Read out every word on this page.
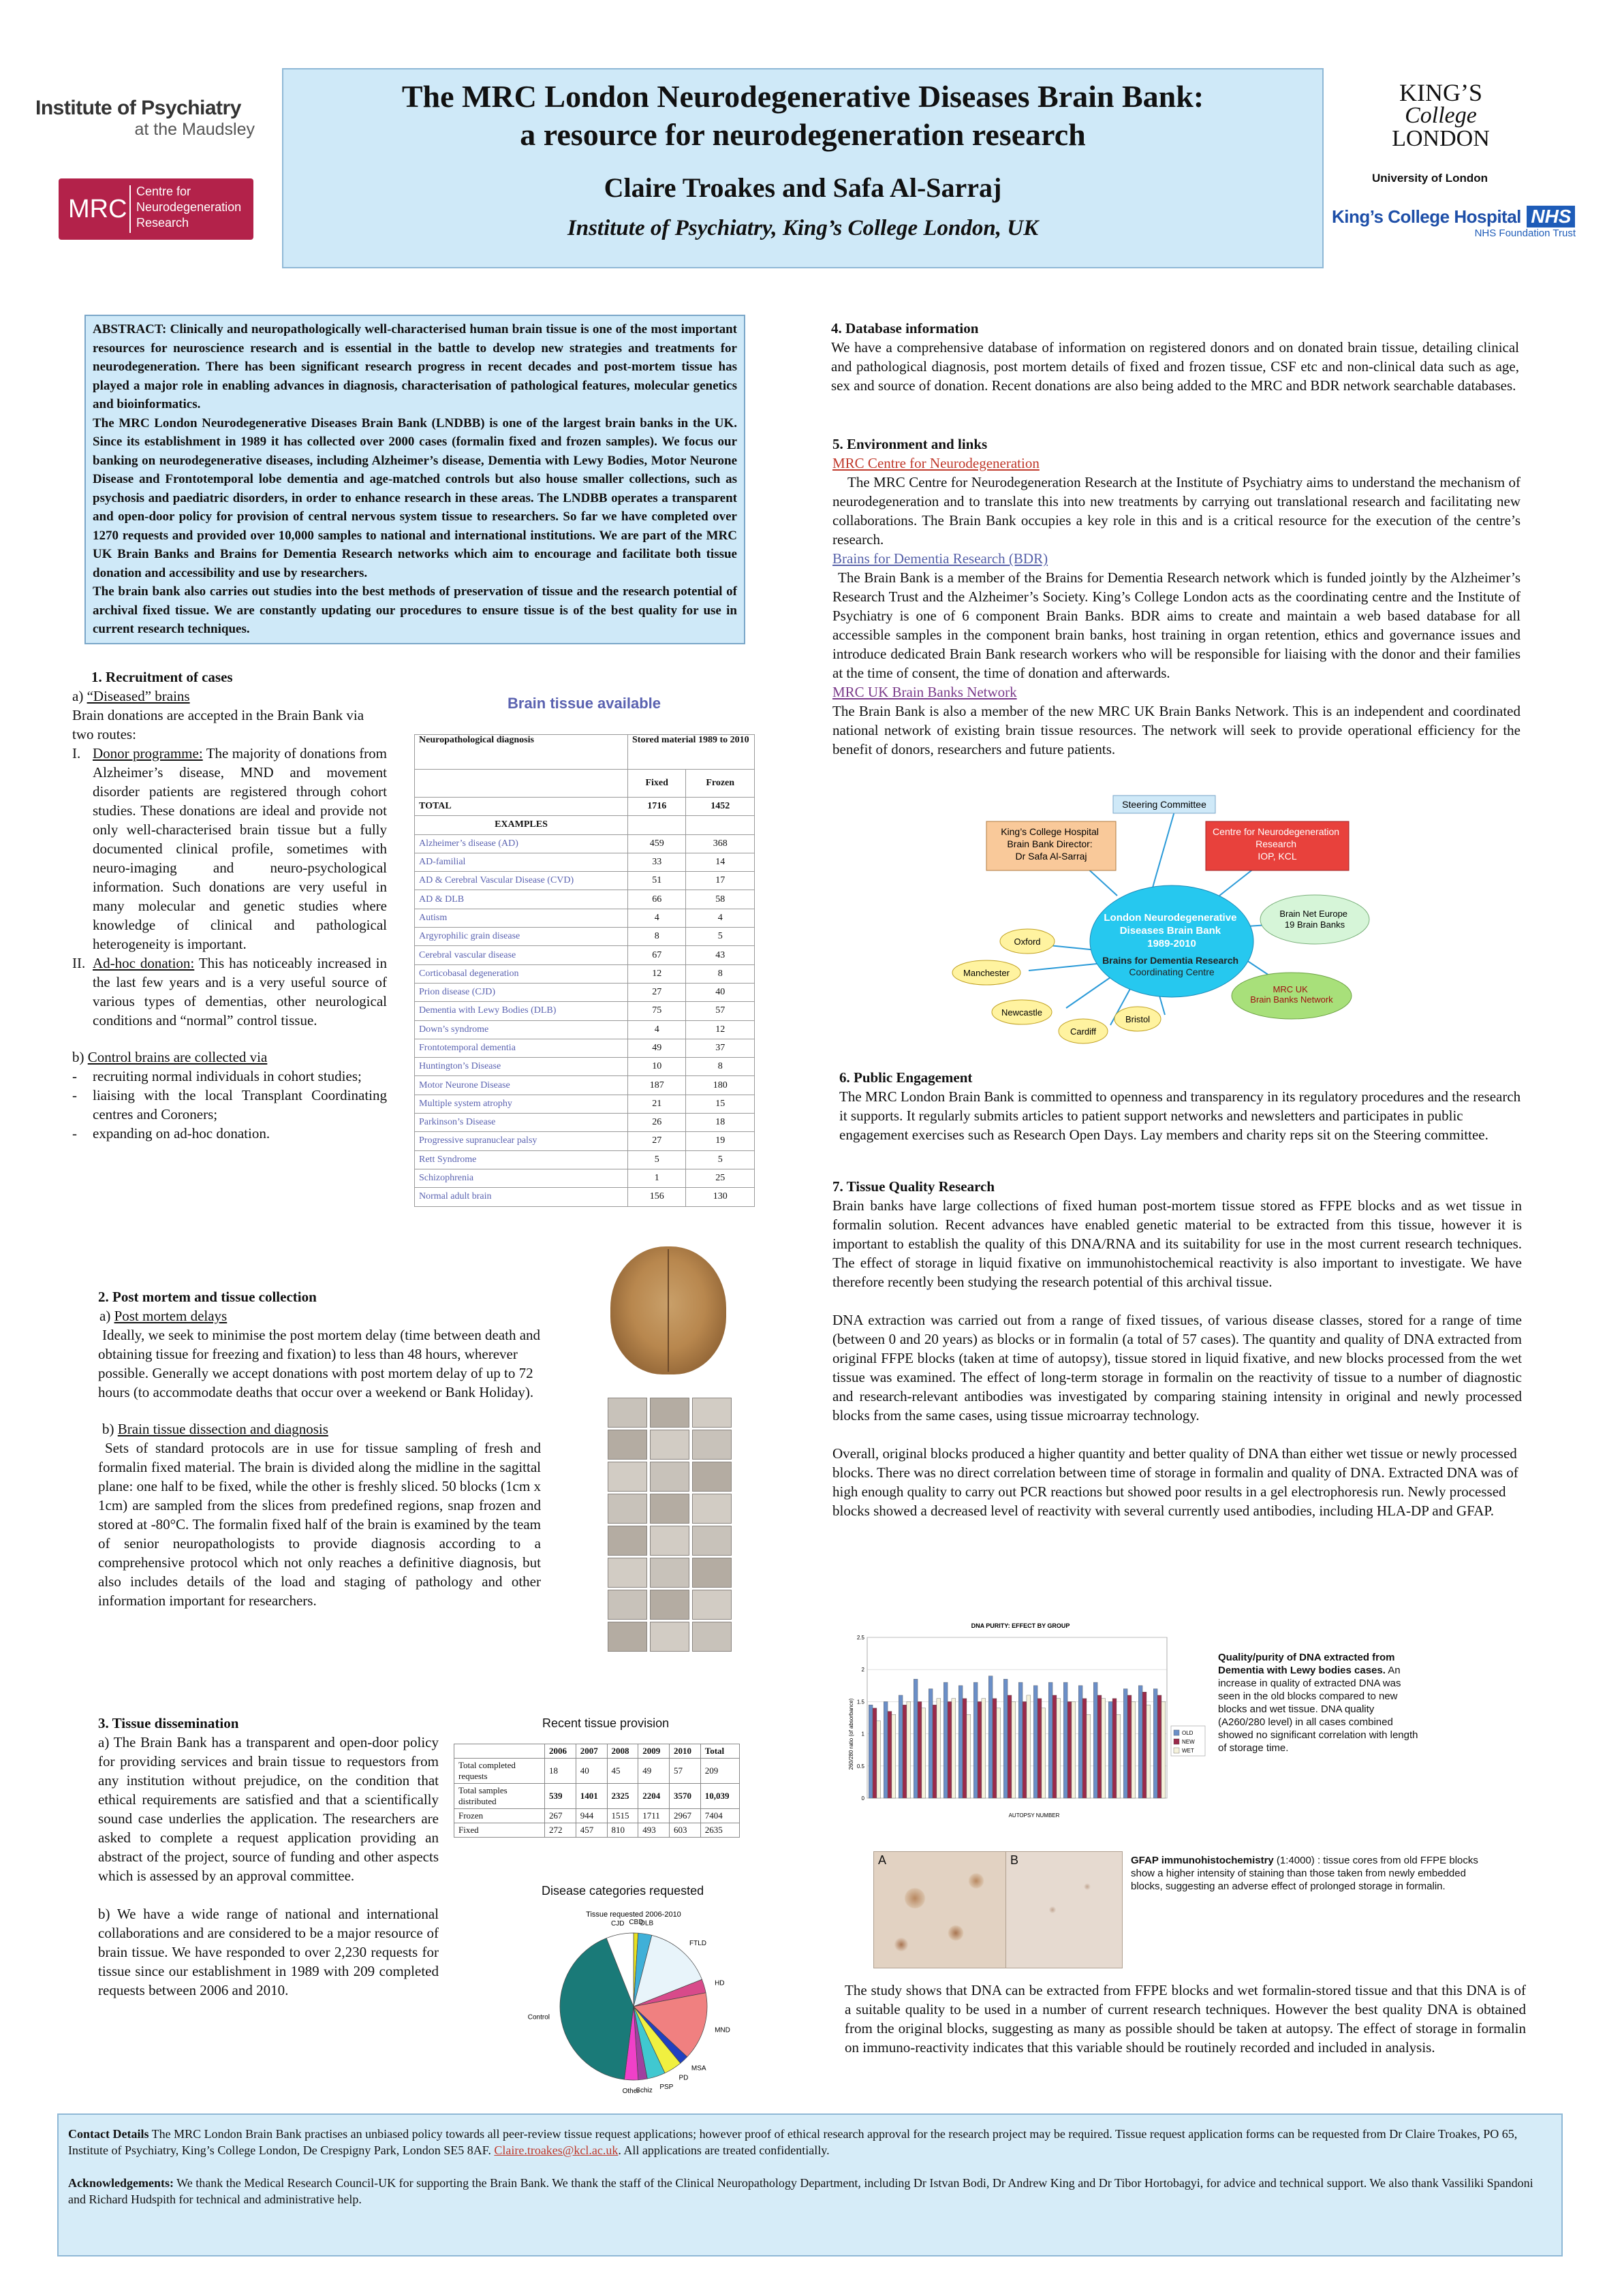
Institute of Psychiatry
at the Maudsley
MRC
Centre for
Neurodegeneration
Research
The MRC London Neurodegenerative Diseases Brain Bank:
a resource for neurodegeneration research
Claire Troakes and Safa Al-Sarraj
Institute of Psychiatry, King’s College London, UK
KING’S
College
LONDON
University of London
King’s College Hospital NHS
NHS Foundation Trust

ABSTRACT: Clinically and neuropathologically well-characterised human brain tissue is one of the most important resources for neuroscience research and is essential in the battle to develop new strategies and treatments for neurodegeneration. There has been significant research progress in recent decades and post-mortem tissue has played a major role in enabling advances in diagnosis, characterisation of pathological features, molecular genetics and bioinformatics.

The MRC London Neurodegenerative Diseases Brain Bank (LNDBB) is one of the largest brain banks in the UK. Since its establishment in 1989 it has collected over 2000 cases (formalin fixed and frozen samples). We focus our banking on neurodegenerative diseases, including Alzheimer’s disease, Dementia with Lewy Bodies, Motor Neurone Disease and Frontotemporal lobe dementia and age-matched controls but also house smaller collections, such as psychosis and paediatric disorders, in order to enhance research in these areas. The LNDBB operates a transparent and open-door policy for provision of central nervous system tissue to researchers. So far we have completed over 1270 requests and provided over 10,000 samples to national and international institutions. We are part of the MRC UK Brain Banks and Brains for Dementia Research networks which aim to encourage and facilitate both tissue donation and accessibility and use by researchers.

The brain bank also carries out studies into the best methods of preservation of tissue and the research potential of archival fixed tissue. We are constantly updating our procedures to ensure tissue is of the best quality for use in current research techniques.

1. Recruitment of cases
a) “Diseased” brains

Brain donations are accepted in the Brain Bank via two routes:

I. Donor programme: The majority of donations from Alzheimer’s disease, MND and movement disorder patients are registered through cohort studies. These donations are ideal and provide not only well-characterised brain tissue but a fully documented clinical profile, sometimes with neuro-imaging and neuro-psychological information. Such donations are very useful in many molecular and genetic studies where knowledge of clinical and pathological heterogeneity is important.

II. Ad-hoc donation: This has noticeably increased in the last few years and is a very useful source of various types of dementias, other neurological conditions and “normal” control tissue.

b) Control brains are collected via
-	recruiting normal individuals in cohort studies;

-	liaising with the local Transplant Coordinating centres and Coroners;

-	expanding on ad-hoc donation.

Brain tissue available
Neuropathological diagnosis	Stored material 1989 to 2010	
	Fixed	Frozen
TOTAL	1716	1452
EXAMPLES		
Alzheimer’s disease (AD)	459	368
AD-familial	33	14
AD & Cerebral Vascular Disease (CVD)	51	17
AD & DLB	66	58
Autism	4	4
Argyrophilic grain disease	8	5
Cerebral vascular disease	67	43
Corticobasal degeneration	12	8
Prion disease (CJD)	27	40
Dementia with Lewy Bodies (DLB)	75	57
Down’s syndrome	4	12
Frontotemporal dementia	49	37
Huntington’s Disease	10	8
Motor Neurone Disease	187	180
Multiple system atrophy	21	15
Parkinson’s Disease	26	18
Progressive supranuclear palsy	27	19
Rett Syndrome	5	5
Schizophrenia	1	25
Normal adult brain	156	130
2. Post mortem and tissue collection
a) Post mortem delays

Ideally, we seek to minimise the post mortem delay (time between death and obtaining tissue for freezing and fixation) to less than 48 hours, wherever possible. Generally we accept donations with post mortem delay of up to 72 hours (to accommodate deaths that occur over a weekend or Bank Holiday).

b) Brain tissue dissection and diagnosis

Sets of standard protocols are in use for tissue sampling of fresh and formalin fixed material. The brain is divided along the midline in the sagittal plane: one half to be fixed, while the other is freshly sliced. 50 blocks (1cm x 1cm) are sampled from the slices from predefined regions, snap frozen and stored at -80°C. The formalin fixed half of the brain is examined by the team of senior neuropathologists to provide diagnosis according to a comprehensive protocol which not only reaches a definitive diagnosis, but also includes details of the load and staging of pathology and other information important for researchers.

3. Tissue dissemination

a) The Brain Bank has a transparent and open-door policy for providing services and brain tissue to requestors from any institution without prejudice, on the condition that ethical requirements are satisfied and that a scientifically sound case underlies the application. The researchers are asked to complete a request application providing an abstract of the project, source of funding and other aspects which is assessed by an approval committee.

b) We have a wide range of national and international collaborations and are considered to be a major resource of brain tissue. We have responded to over 2,230 requests for tissue since our establishment in 1989 with 209 completed requests between 2006 and 2010.

Recent tissue provision
	2006	2007	2008	2009	2010	Total
Total completed requests	18	40	45	49	57	209
Total samples distributed	539	1401	2325	2204	3570	10,039
Frozen	267	944	1515	1711	2967	7404
Fixed	272	457	810	493	603	2635
Disease categories requested
Tissue requested 2006-2010
CBD
DLB
FTLD
HD
MND
MSA
PD
PSP
Schiz
Other
Control
CJD
4. Database information

We have a comprehensive database of information on registered donors and on donated brain tissue, detailing clinical and pathological diagnosis, post mortem details of fixed and frozen tissue, CSF etc and non-clinical data such as age, sex and source of donation. Recent donations are also being added to the MRC and BDR network searchable databases.

5. Environment and links
MRC Centre for Neurodegeneration

The MRC Centre for Neurodegeneration Research at the Institute of Psychiatry aims to understand the mechanism of neurodegeneration and to translate this into new treatments by carrying out translational research and facilitating new collaborations. The Brain Bank occupies a key role in this and is a critical resource for the execution of the centre’s research.

Brains for Dementia Research (BDR)

The Brain Bank is a member of the Brains for Dementia Research network which is funded jointly by the Alzheimer’s Research Trust and the Alzheimer’s Society. King’s College London acts as the coordinating centre and the Institute of Psychiatry is one of 6 component Brain Banks. BDR aims to create and maintain a web based database for all accessible samples in the component brain banks, host training in organ retention, ethics and governance issues and introduce dedicated Brain Bank research workers who will be responsible for liaising with the donor and their families at the time of consent, the time of donation and afterwards.

MRC UK Brain Banks Network

The Brain Bank is also a member of the new MRC UK Brain Banks Network. This is an independent and coordinated national network of existing brain tissue resources. The network will seek to provide operational efficiency for the benefit of donors, researchers and future patients.

Steering Committee
King’s College Hospital Brain Bank Director: Dr Safa Al-Sarraj
Centre for Neurodegeneration Research IOP, KCL
London Neurodegenerative Diseases Brain Bank 1989-2010
Brains for Dementia Research Coordinating Centre
Brain Net Europe 19 Brain Banks
MRC UK Brain Banks Network
Oxford
Manchester
Newcastle
Cardiff
Bristol
6. Public Engagement

The MRC London Brain Bank is committed to openness and transparency in its regulatory procedures and the research it supports. It regularly submits articles to patient support networks and newsletters and participates in public engagement exercises such as Research Open Days. Lay members and charity reps sit on the Steering committee.

7. Tissue Quality Research

Brain banks have large collections of fixed human post-mortem tissue stored as FFPE blocks and as wet tissue in formalin solution. Recent advances have enabled genetic material to be extracted from this tissue, however it is important to establish the quality of this DNA/RNA and its suitability for use in the most current research techniques. The effect of storage in liquid fixative on immunohistochemical reactivity is also important to investigate. We have therefore recently been studying the research potential of this archival tissue.

DNA extraction was carried out from a range of fixed tissues, of various disease classes, stored for a range of time (between 0 and 20 years) as blocks or in formalin (a total of 57 cases). The quantity and quality of DNA extracted from original FFPE blocks (taken at time of autopsy), tissue stored in liquid fixative, and new blocks processed from the wet tissue was examined. The effect of long-term storage in formalin on the reactivity of tissue to a number of diagnostic and research-relevant antibodies was investigated by comparing staining intensity in original and newly processed blocks from the same cases, using tissue microarray technology.

Overall, original blocks produced a higher quantity and better quality of DNA than either wet tissue or newly processed blocks. There was no direct correlation between time of storage in formalin and quality of DNA. Extracted DNA was of high enough quality to carry out PCR reactions but showed poor results in a gel electrophoresis run. Newly processed blocks showed a decreased level of reactivity with several currently used antibodies, including HLA-DP and GFAP.

DNA PURITY: EFFECT BY GROUP
260/280 ratio (of absorbance)
AUTOPSY NUMBER
0
0.5
1
1.5
2
2.5
OLD
NEW
WET
Quality/purity of DNA extracted from Dementia with Lewy bodies cases. An increase in quality of extracted DNA was seen in the old blocks compared to new blocks and wet tissue. DNA quality (A260/280 level) in all cases combined showed no significant correlation with length of storage time.
A	B	GFAP immunohistochemistry (1:4000) : tissue cores from old FFPE blocks show a higher intensity of staining than those taken from newly embedded blocks, suggesting an adverse effect of prolonged storage in formalin.
The study shows that DNA can be extracted from FFPE blocks and wet formalin-stored tissue and that this DNA is of a suitable quality to be used in a number of current research techniques. However the best quality DNA is obtained from the original blocks, suggesting as many as possible should be taken at autopsy. The effect of storage in formalin on immuno-reactivity indicates that this variable should be routinely recorded and included in analysis.

Contact Details The MRC London Brain Bank practises an unbiased policy towards all peer-review tissue request applications; however proof of ethical research approval for the research project may be required. Tissue request application forms can be requested from Dr Claire Troakes, PO 65, Institute of Psychiatry, King’s College London, De Crespigny Park, London SE5 8AF. Claire.troakes@kcl.ac.uk. All applications are treated confidentially.

Acknowledgements: We thank the Medical Research Council-UK for supporting the Brain Bank. We thank the staff of the Clinical Neuropathology Department, including Dr Istvan Bodi, Dr Andrew King and Dr Tibor Hortobagyi, for advice and technical support. We also thank Vassiliki Spandoni and Richard Hudspith for technical and administrative help.
